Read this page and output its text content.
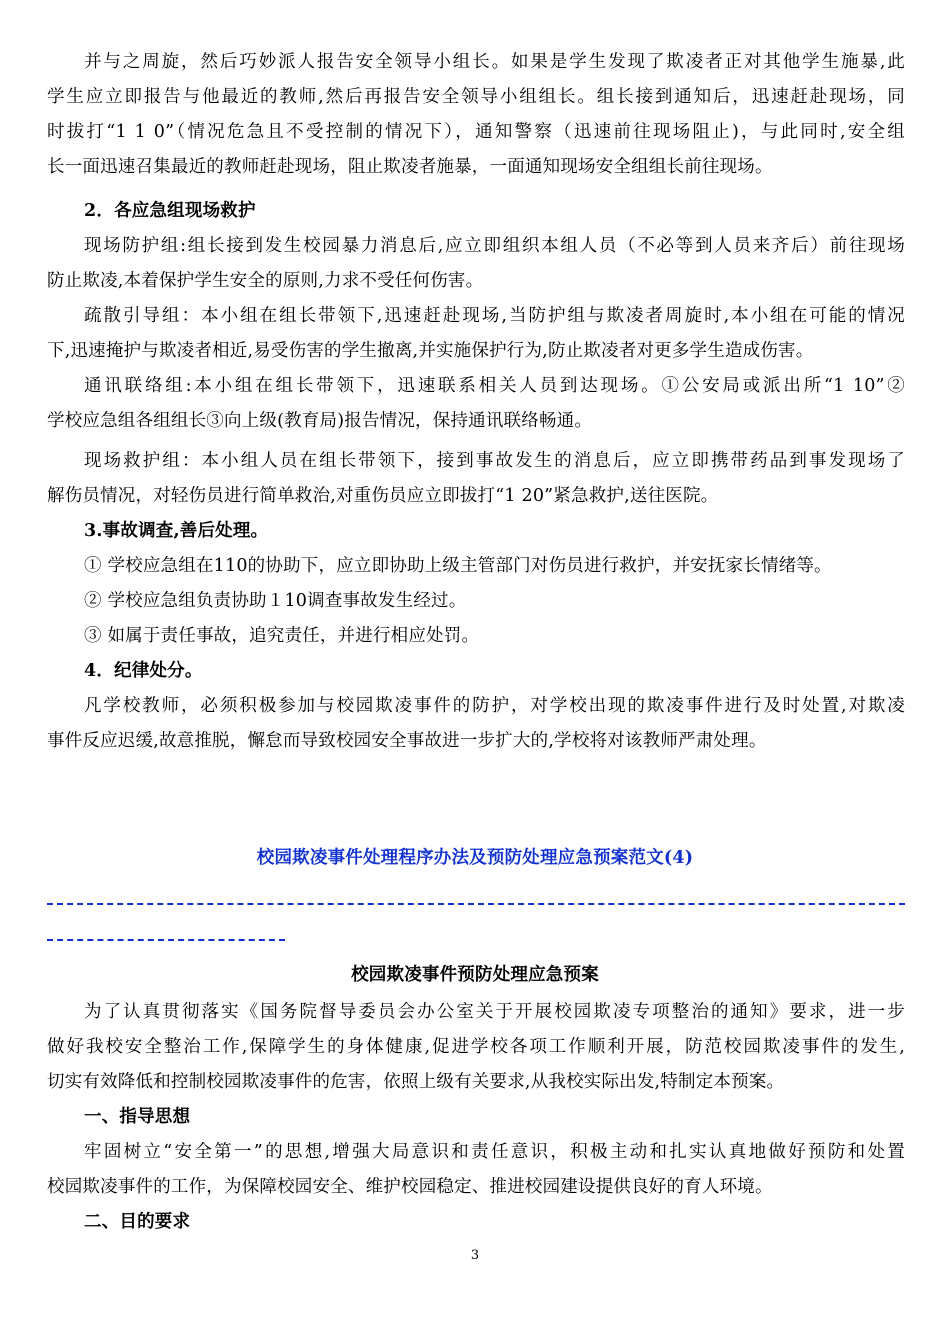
并与之周旋，然后巧妙派人报告安全领导小组长。如果是学生发现了欺凌者正对其他学生施暴,此
学生应立即报告与他最近的教师,然后再报告安全领导小组组长。组长接到通知后，迅速赶赴现场，同
时拔打“1 1 0”（情况危急且不受控制的情况下），通知警察（迅速前往现场阻止)，与此同时,安全组
长一面迅速召集最近的教师赶赴现场，阻止欺凌者施暴，一面通知现场安全组组长前往现场。
2．各应急组现场救护
现场防护组:组长接到发生校园暴力消息后,应立即组织本组人员（不必等到人员来齐后）前往现场
防止欺凌,本着保护学生安全的原则,力求不受任何伤害。
疏散引导组：本小组在组长带领下,迅速赶赴现场,当防护组与欺凌者周旋时,本小组在可能的情况
下,迅速掩护与欺凌者相近,易受伤害的学生撤离,并实施保护行为,防止欺凌者对更多学生造成伤害。
通讯联络组:本小组在组长带领下，迅速联系相关人员到达现场。①公安局或派出所“1 10”②
学校应急组各组组长③向上级(教育局)报告情况，保持通讯联络畅通。
现场救护组：本小组人员在组长带领下，接到事故发生的消息后，应立即携带药品到事发现场了
解伤员情况，对轻伤员进行简单救治,对重伤员应立即拔打“1 20”紧急救护,送往医院。
3.事故调查,善后处理。
① 学校应急组在110的协助下，应立即协助上级主管部门对伤员进行救护，并安抚家长情绪等。
② 学校应急组负责协助１10调查事故发生经过。
③ 如属于责任事故，追究责任，并进行相应处罚。
4．纪律处分。
凡学校教师，必须积极参加与校园欺凌事件的防护，对学校出现的欺凌事件进行及时处置,对欺凌
事件反应迟缓,故意推脱，懈怠而导致校园安全事故进一步扩大的,学校将对该教师严肃处理。
校园欺凌事件处理程序办法及预防处理应急预案范文(4)
校园欺凌事件预防处理应急预案
为了认真贯彻落实《国务院督导委员会办公室关于开展校园欺凌专项整治的通知》要求，进一步
做好我校安全整治工作,保障学生的身体健康,促进学校各项工作顺利开展，防范校园欺凌事件的发生,
切实有效降低和控制校园欺凌事件的危害，依照上级有关要求,从我校实际出发,特制定本预案。
一、指导思想
牢固树立“安全第一”的思想,增强大局意识和责任意识，积极主动和扎实认真地做好预防和处置
校园欺凌事件的工作，为保障校园安全、维护校园稳定、推进校园建设提供良好的育人环境。
二、目的要求
3
